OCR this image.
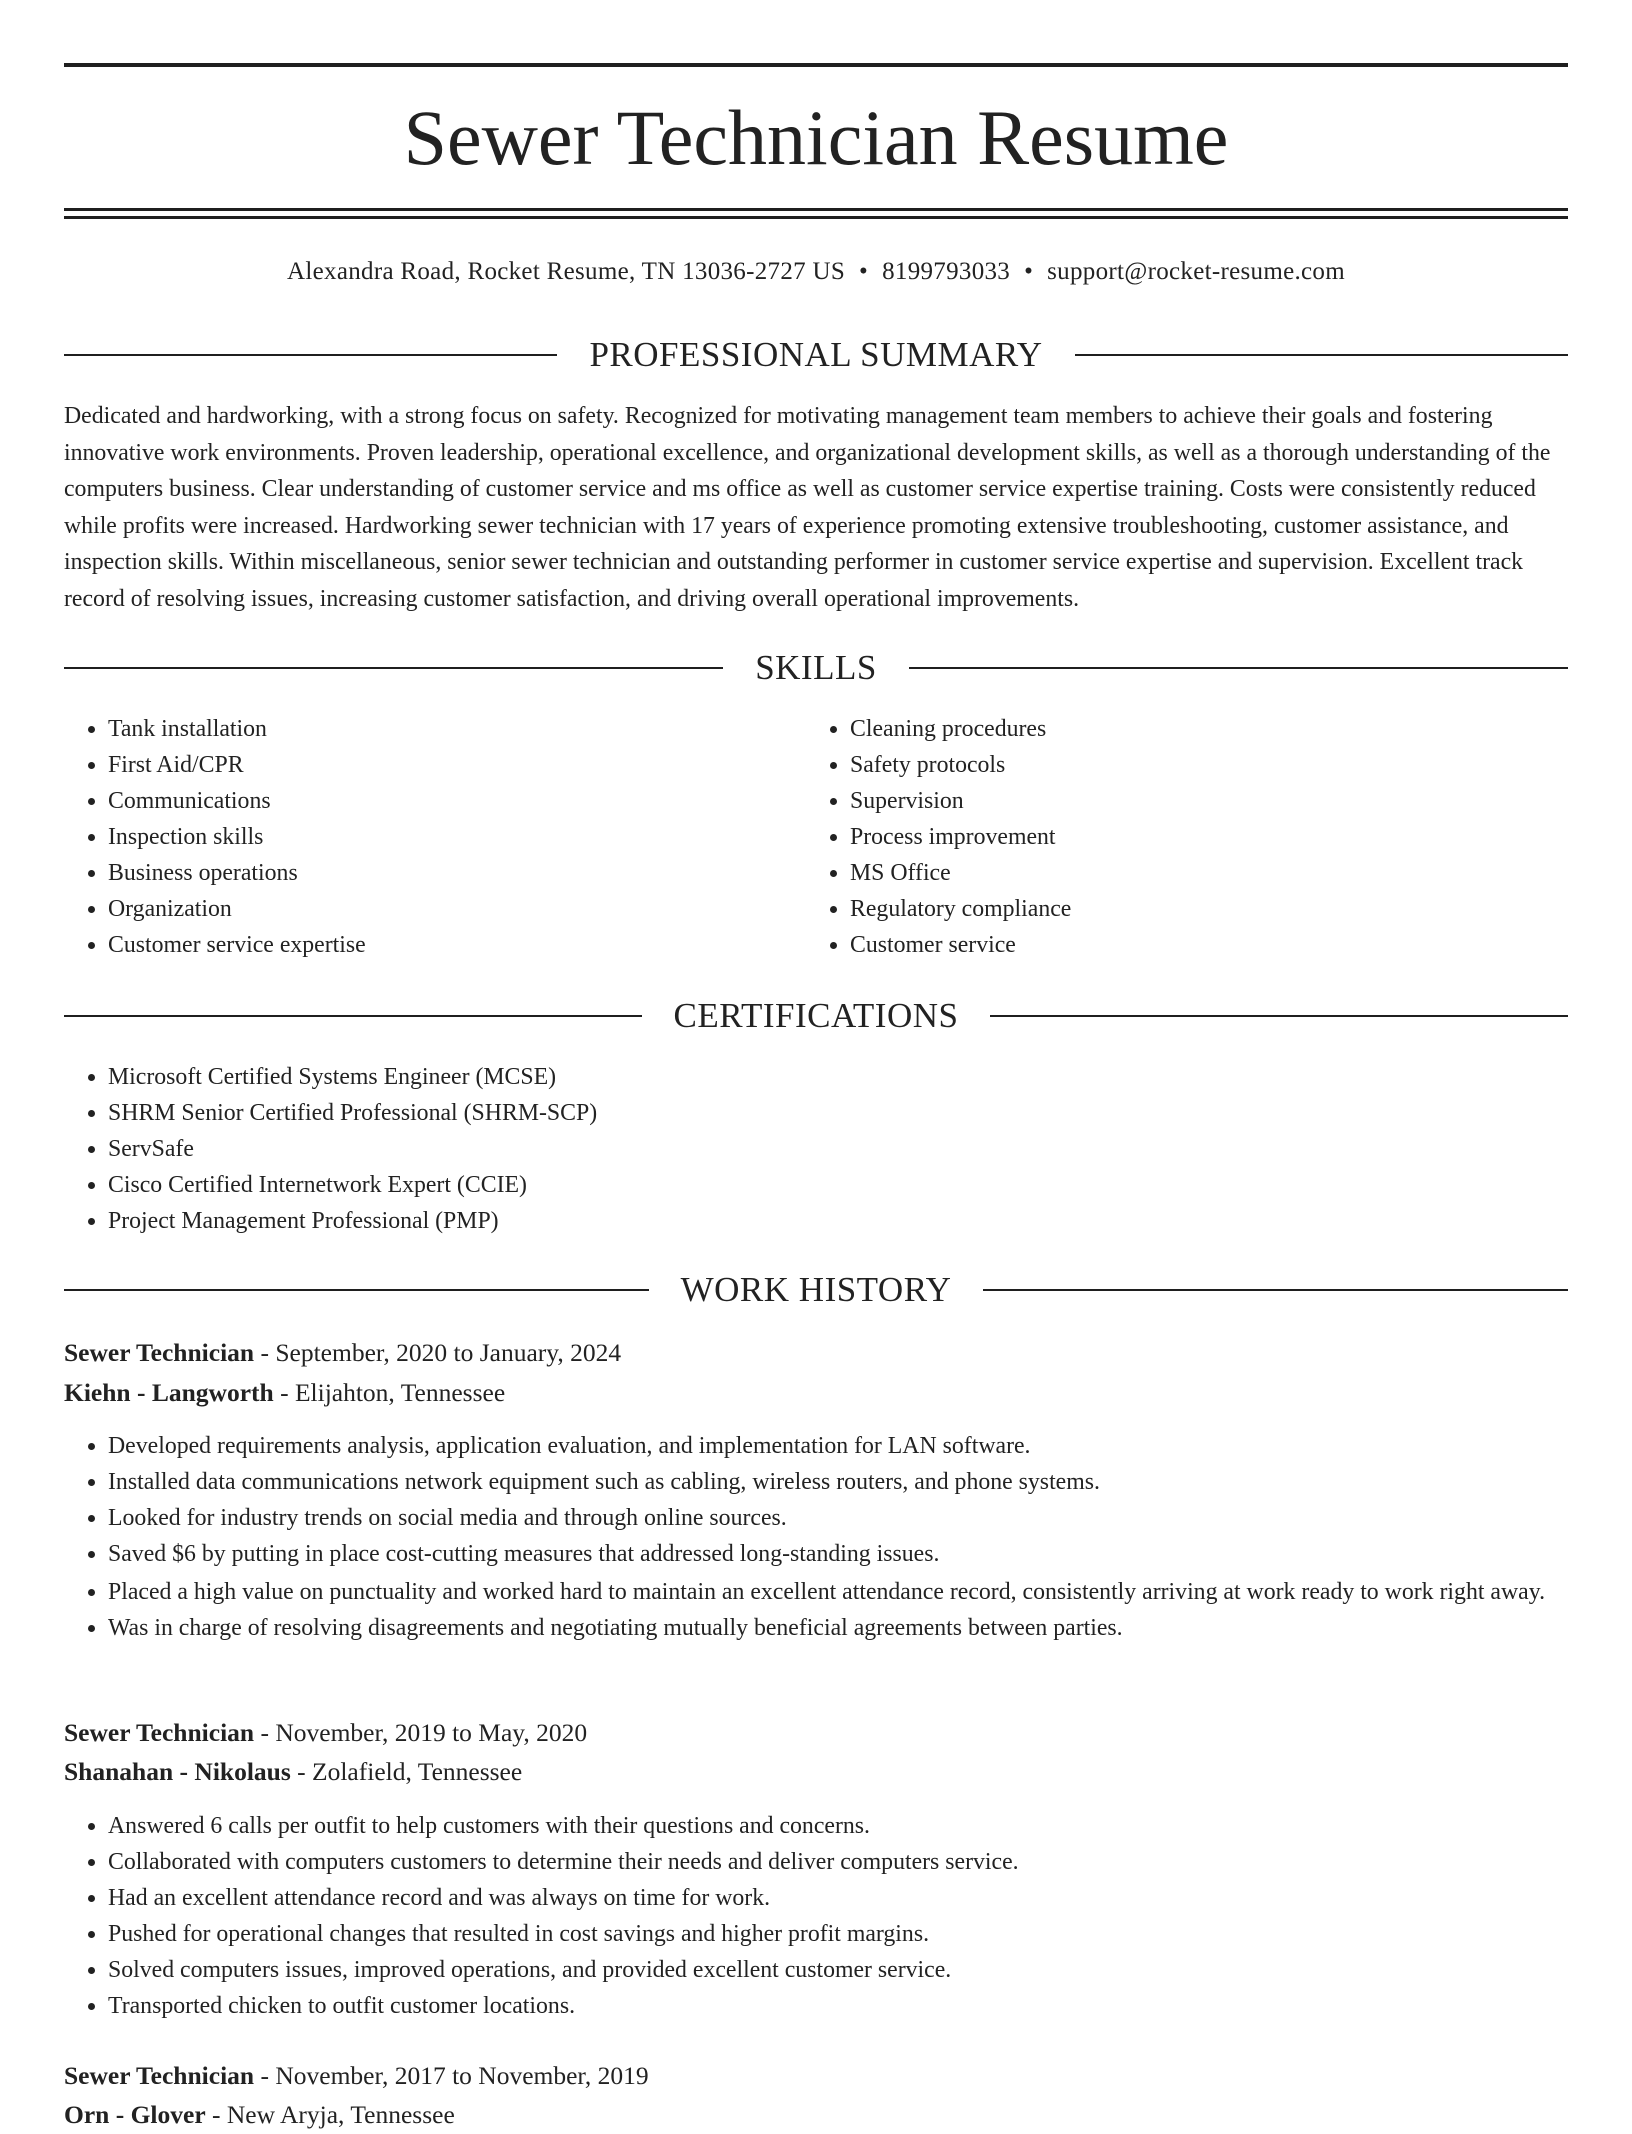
Sewer Technician Resume
Alexandra Road, Rocket Resume, TN 13036-2727 US • 8199793033 • support@rocket-resume.com
PROFESSIONAL SUMMARY

Dedicated and hardworking, with a strong focus on safety. Recognized for motivating management team members to achieve their goals and fostering innovative work environments. Proven leadership, operational excellence, and organizational development skills, as well as a thorough understanding of the computers business. Clear understanding of customer service and ms office as well as customer service expertise training. Costs were consistently reduced while profits were increased. Hardworking sewer technician with 17 years of experience promoting extensive troubleshooting, customer assistance, and inspection skills. Within miscellaneous, senior sewer technician and outstanding performer in customer service expertise and supervision. Excellent track record of resolving issues, increasing customer satisfaction, and driving overall operational improvements.

SKILLS
• Tank installation
• First Aid/CPR
• Communications
• Inspection skills
• Business operations
• Organization
• Customer service expertise
• Cleaning procedures
• Safety protocols
• Supervision
• Process improvement
• MS Office
• Regulatory compliance
• Customer service
CERTIFICATIONS
• Microsoft Certified Systems Engineer (MCSE)
• SHRM Senior Certified Professional (SHRM-SCP)
• ServSafe
• Cisco Certified Internetwork Expert (CCIE)
• Project Management Professional (PMP)
WORK HISTORY
Sewer Technician - September, 2020 to January, 2024
Kiehn - Langworth - Elijahton, Tennessee
• Developed requirements analysis, application evaluation, and implementation for LAN software.
• Installed data communications network equipment such as cabling, wireless routers, and phone systems.
• Looked for industry trends on social media and through online sources.
• Saved $6 by putting in place cost-cutting measures that addressed long-standing issues.
• Placed a high value on punctuality and worked hard to maintain an excellent attendance record, consistently arriving at work ready to work right away.
• Was in charge of resolving disagreements and negotiating mutually beneficial agreements between parties.
Sewer Technician - November, 2019 to May, 2020
Shanahan - Nikolaus - Zolafield, Tennessee
• Answered 6 calls per outfit to help customers with their questions and concerns.
• Collaborated with computers customers to determine their needs and deliver computers service.
• Had an excellent attendance record and was always on time for work.
• Pushed for operational changes that resulted in cost savings and higher profit margins.
• Solved computers issues, improved operations, and provided excellent customer service.
• Transported chicken to outfit customer locations.
Sewer Technician - November, 2017 to November, 2019
Orn - Glover - New Aryja, Tennessee
